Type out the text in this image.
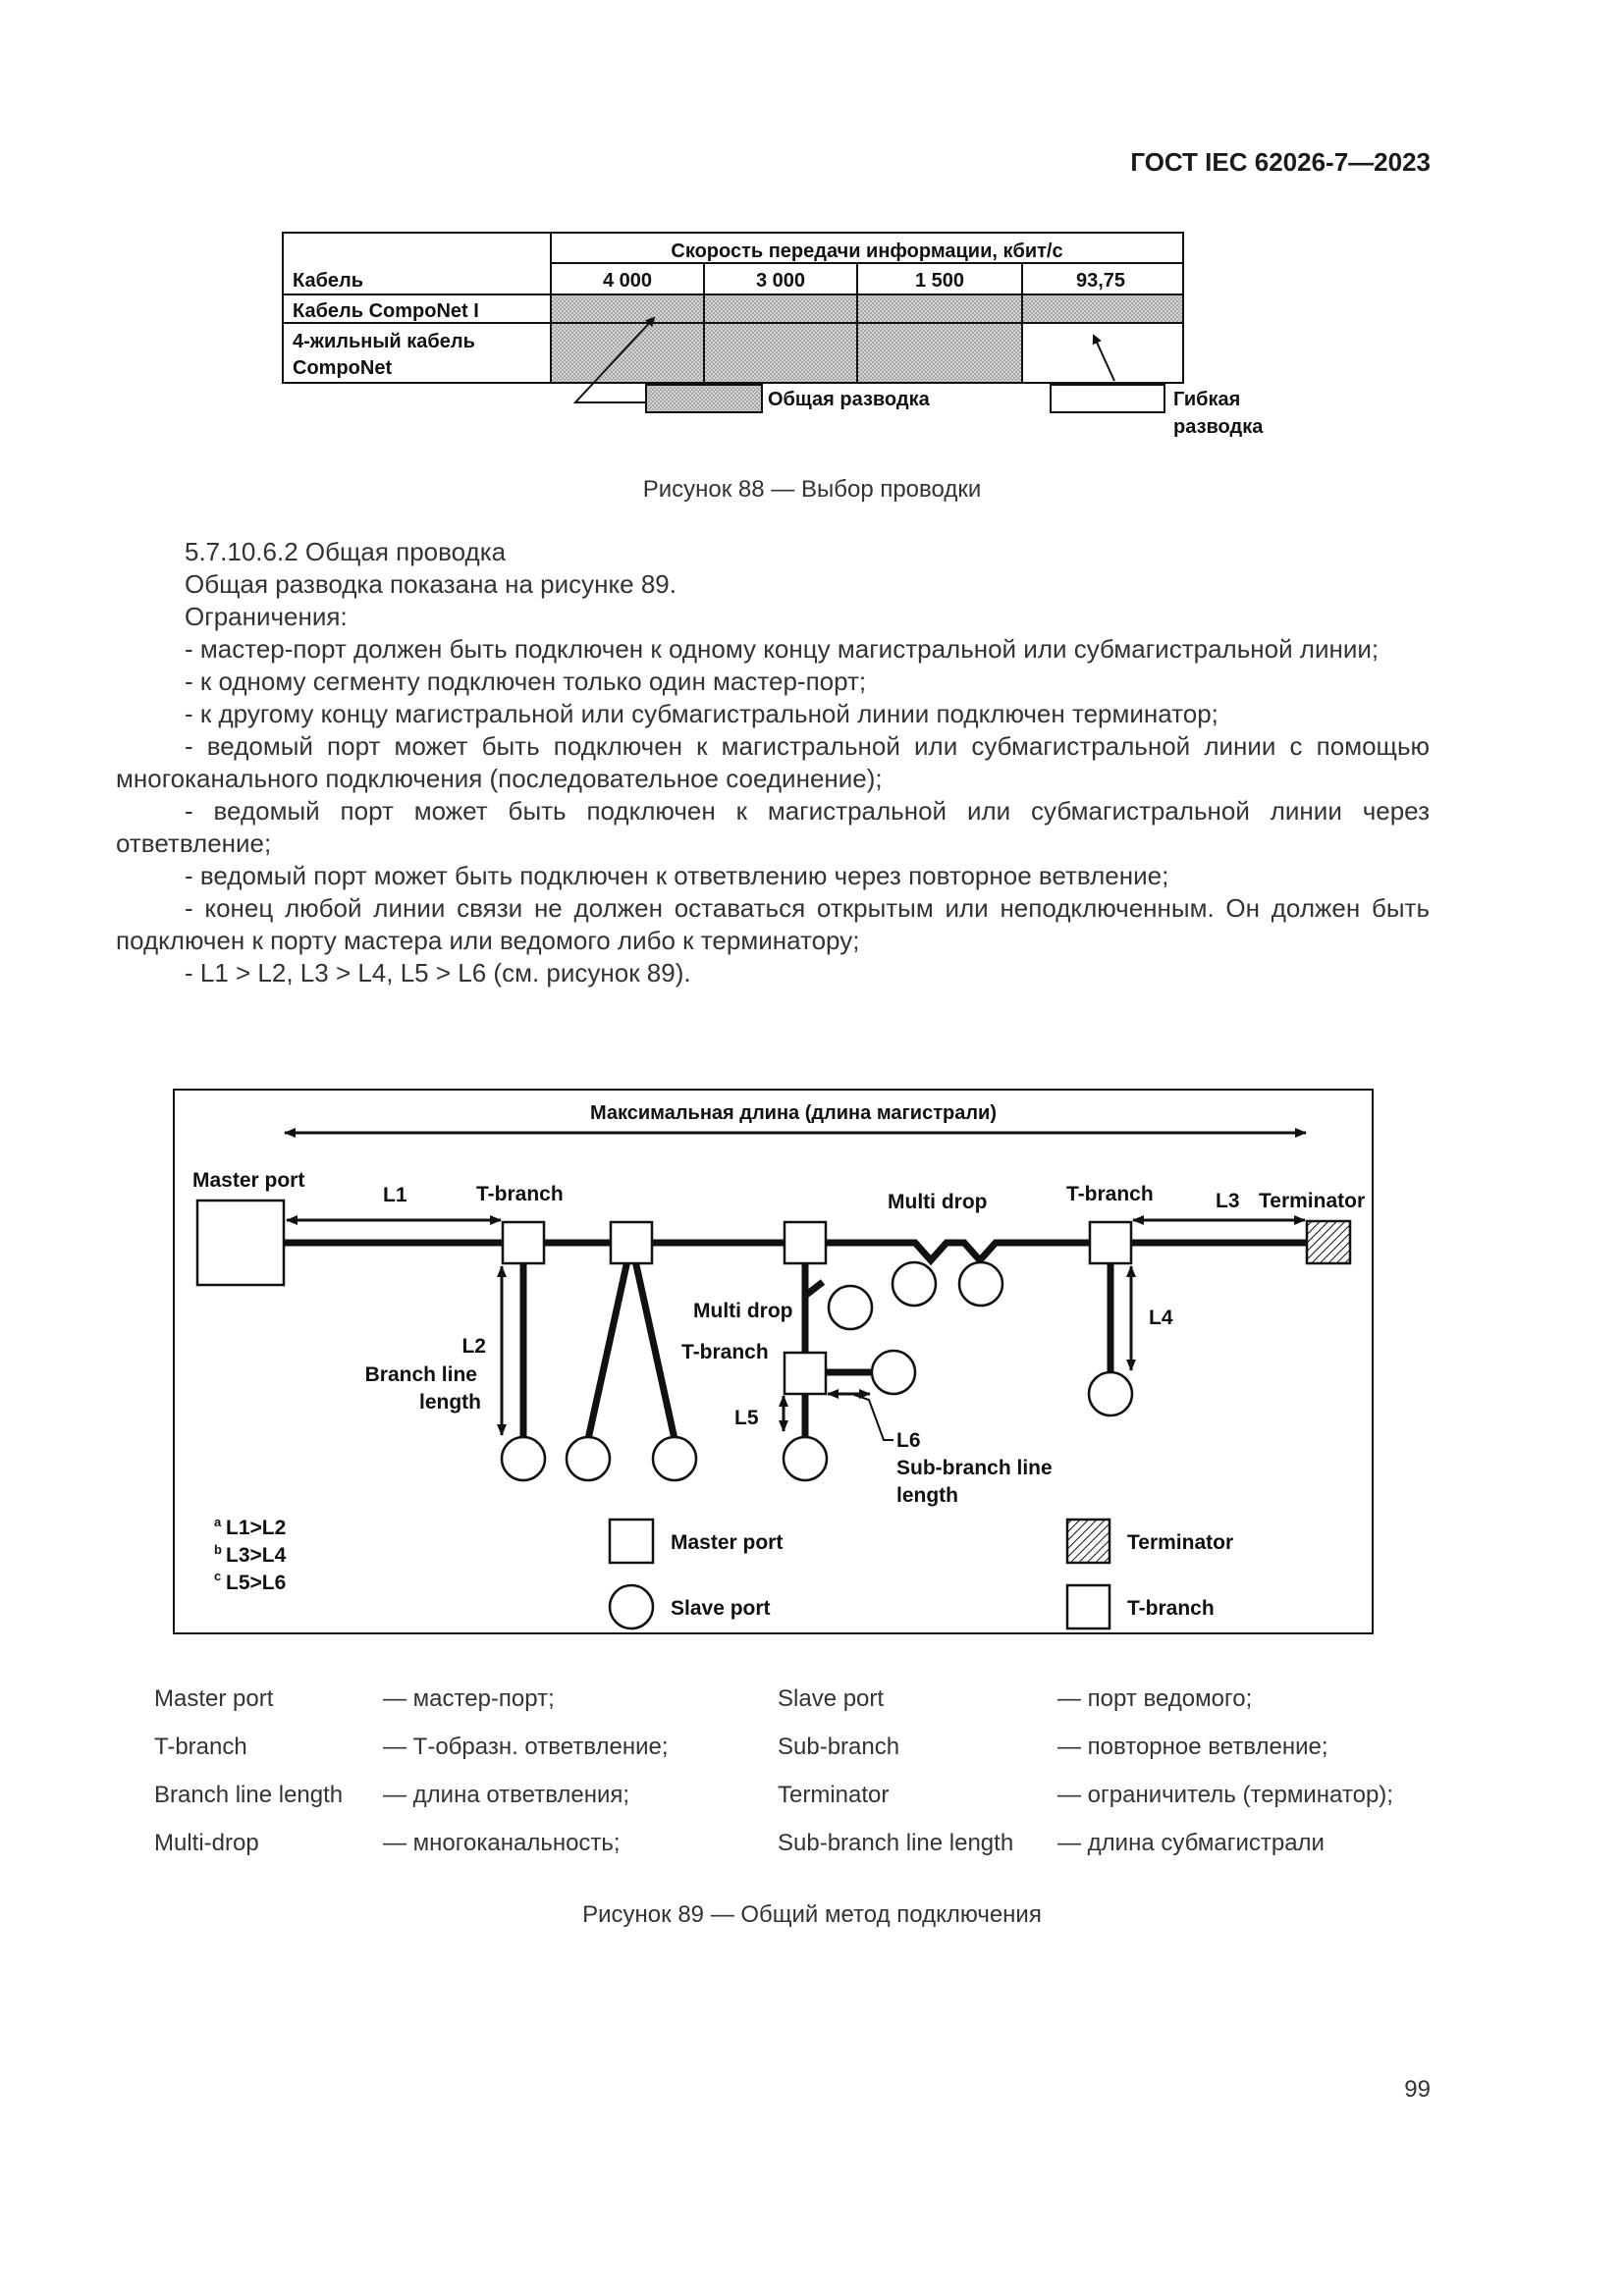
ГОСТ IEC 62026-7—2023
Скорость передачи информации, кбит/с
Кабель	4 000	3 000	1 500	93,75
Кабель CompoNet I
4-жильный кабель
CompoNet
Общая разводка	Гибкая
разводка
Рисунок 88 — Выбор проводки

5.7.10.6.2 Общая проводка

Общая разводка показана на рисунке 89.

Ограничения:

- мастер-порт должен быть подключен к одному концу магистральной или субмагистральной линии;

- к одному сегменту подключен только один мастер-порт;

- к другому концу магистральной или субмагистральной линии подключен терминатор;

- ведомый порт может быть подключен к магистральной или субмагистральной линии с помощью многоканального подключения (последовательное соединение);

- ведомый порт может быть подключен к магистральной или субмагистральной линии через ответвление;

- ведомый порт может быть подключен к ответвлению через повторное ветвление;

- конец любой линии связи не должен оставаться открытым или неподключенным. Он должен быть подключен к порту мастера или ведомого либо к терминатору;

- L1 > L2, L3 > L4, L5 > L6 (см. рисунок 89).

Максимальная длина (длина магистрали)
Master port
L1	T-branch	Multi drop	T-branch	L3 Terminator
Multi drop
T-branch
L2
Branch line
length
L4
L5
L6
Sub-branch line
length
a L1>L2
b L3>L4
c L5>L6
Master port
Slave port
Terminator
T-branch
Master port	— мастер-порт;	Slave port	— порт ведомого;
T-branch	— Т-образн. ответвление;	Sub-branch	— повторное ветвление;
Branch line length — длина ответвления;	Terminator	— ограничитель (терминатор);
Multi-drop	— многоканальность;	Sub-branch line length — длина субмагистрали
Рисунок 89 — Общий метод подключения
99
